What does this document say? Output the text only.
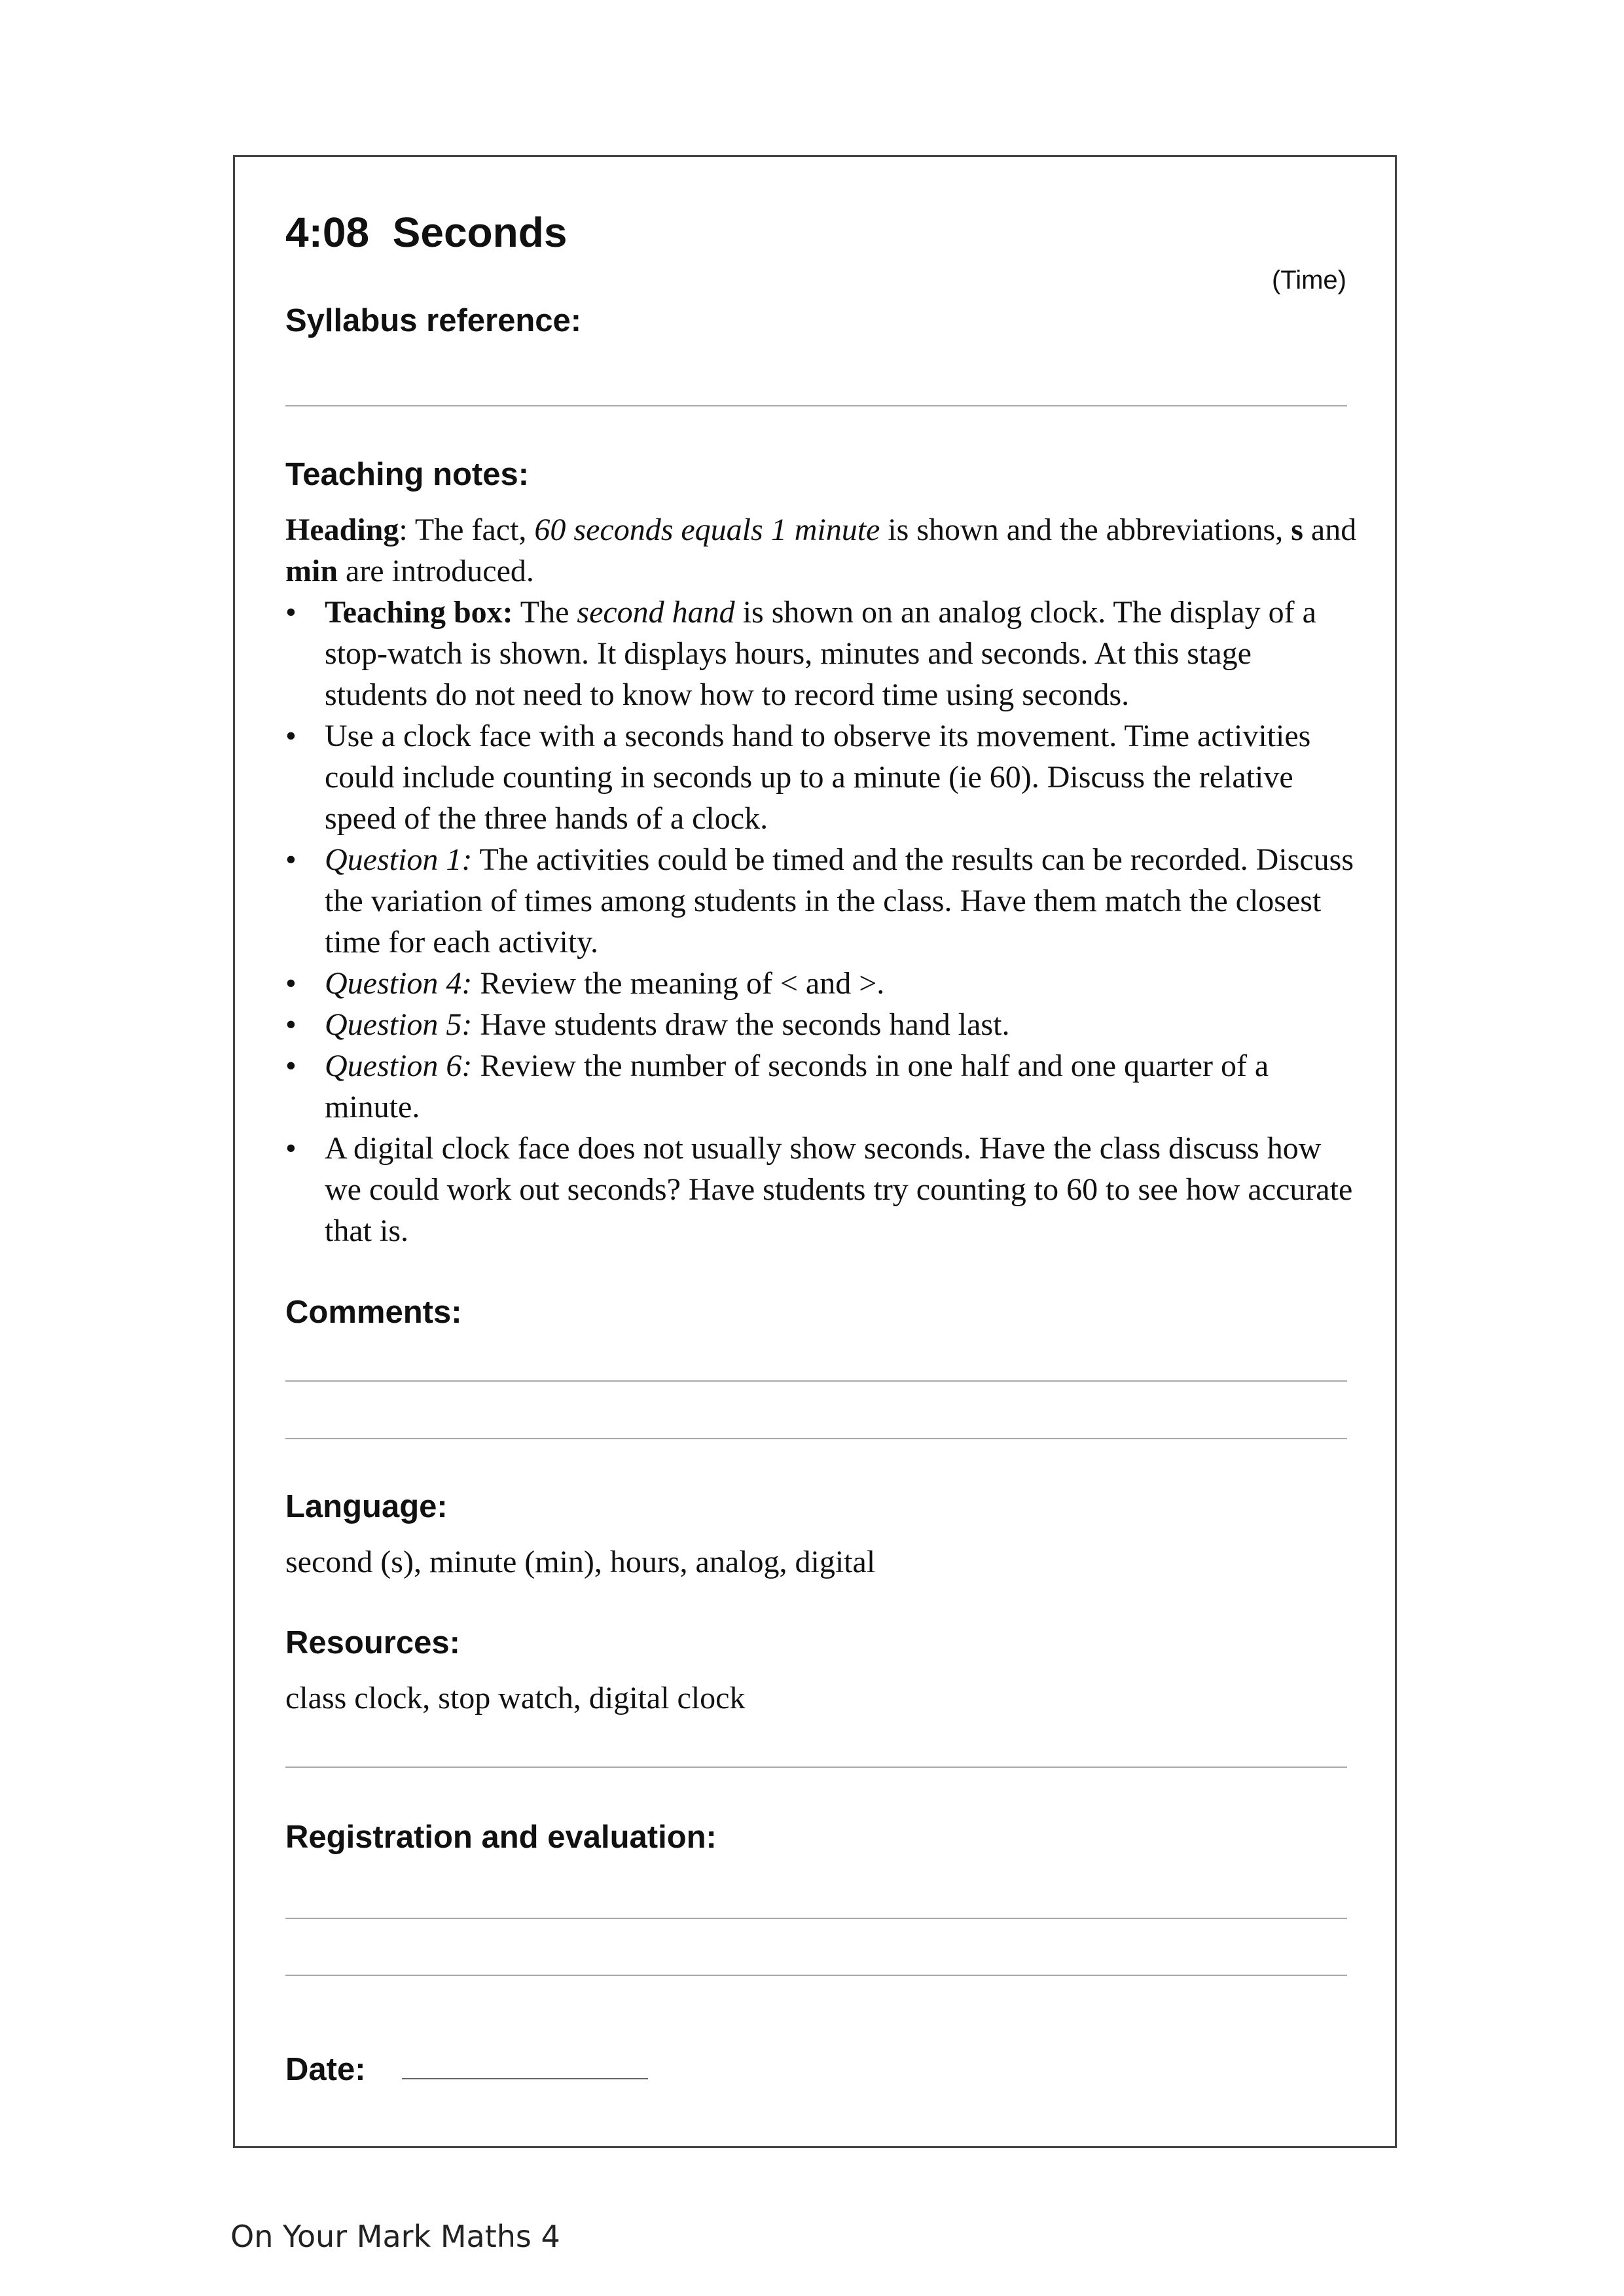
4:08  Seconds
(Time)
Syllabus reference:
Teaching notes:

Heading: The fact, 60 seconds equals 1 minute is shown and the abbreviations, s and min are introduced.

• Teaching box: The second hand is shown on an analog clock. The display of a stop-watch is shown. It displays hours, minutes and seconds. At this stage students do not need to know how to record time using seconds.
• Use a clock face with a seconds hand to observe its movement. Time activities could include counting in seconds up to a minute (ie 60). Discuss the relative speed of the three hands of a clock.
• Question 1: The activities could be timed and the results can be recorded. Discuss the variation of times among students in the class. Have them match the closest time for each activity.
• Question 4: Review the meaning of < and >.
• Question 5: Have students draw the seconds hand last.
• Question 6: Review the number of seconds in one half and one quarter of a minute.
• A digital clock face does not usually show seconds. Have the class discuss how we could work out seconds? Have students try counting to 60 to see how accurate that is.
Comments:
Language:
second (s), minute (min), hours, analog, digital
Resources:
class clock, stop watch, digital clock
Registration and evaluation:
Date:
On Your Mark Maths 4
